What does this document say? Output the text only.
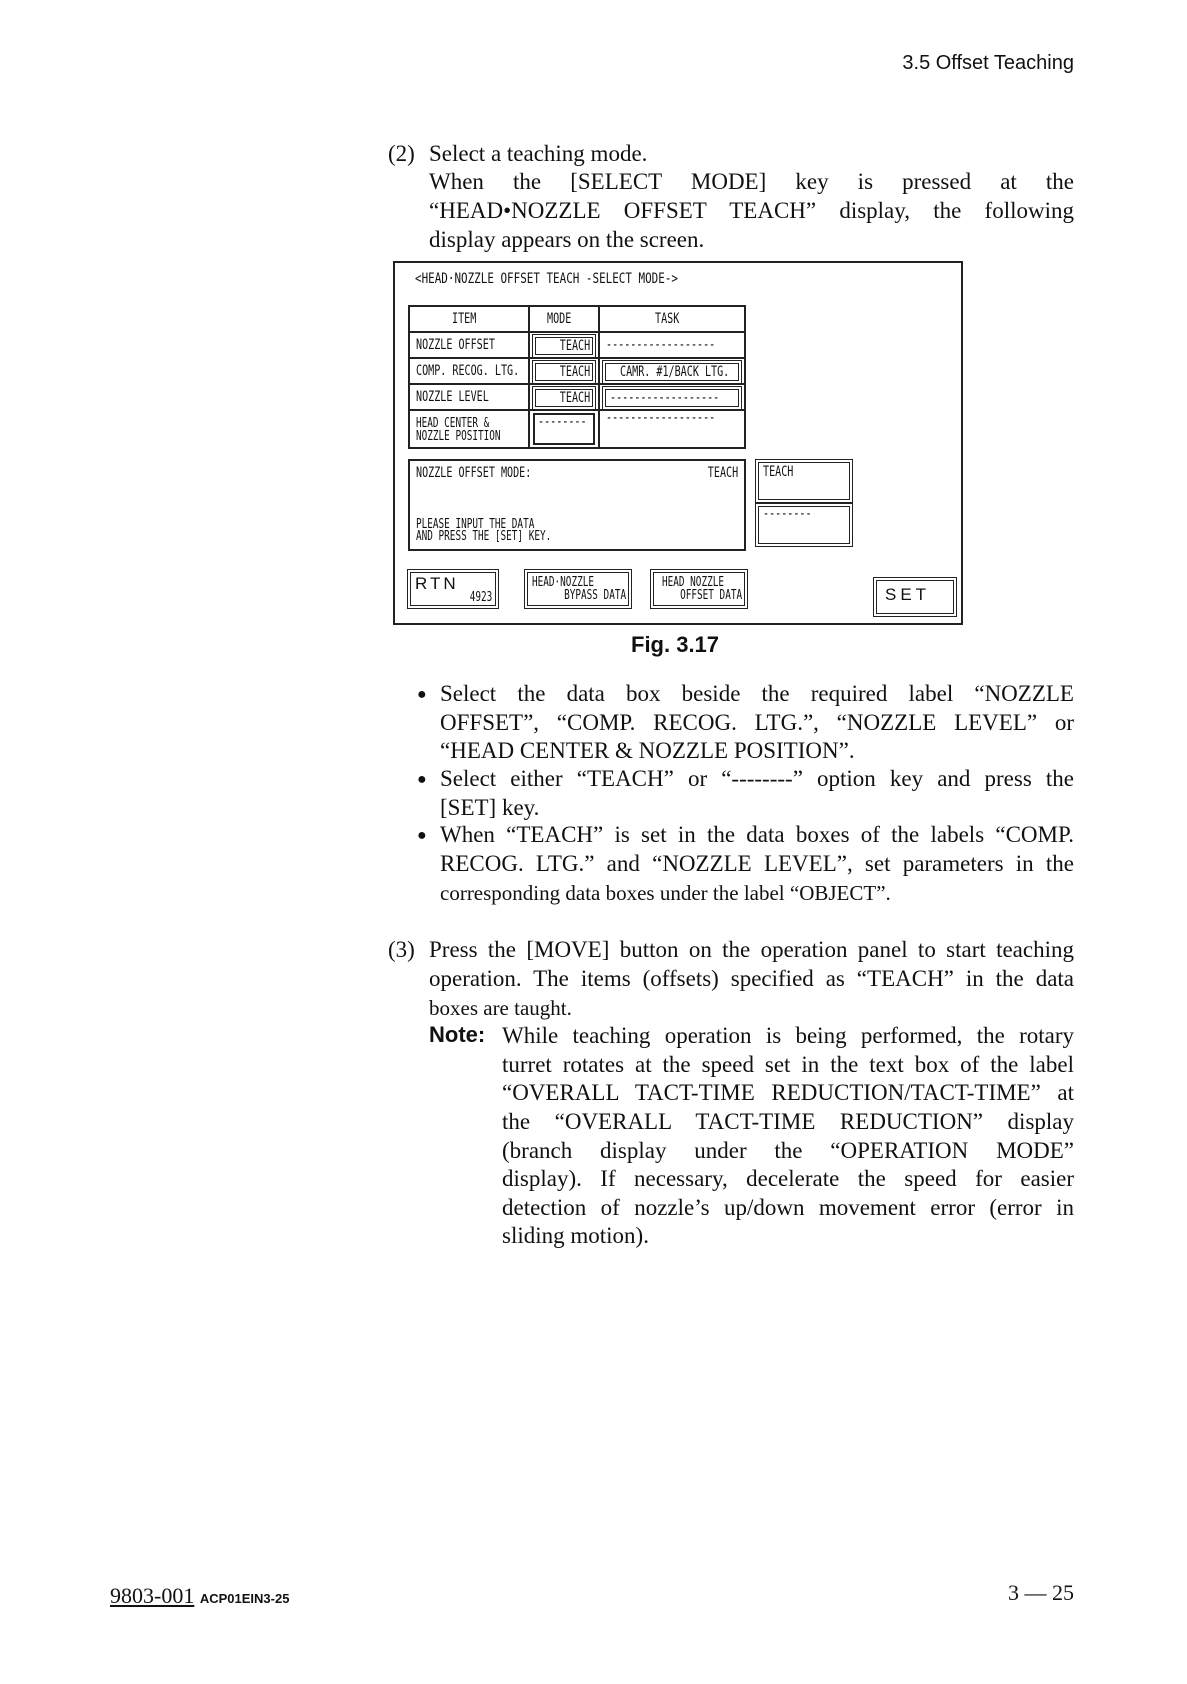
3.5 Offset Teaching
(2) Select a teaching mode.
When the [SELECT MODE] key is pressed at the
“HEAD•NOZZLE OFFSET TEACH” display, the following
display appears on the screen.
<HEAD·NOZZLE OFFSET TEACH -SELECT MODE->
ITEM	MODE	TASK
NOZZLE OFFSET	TEACH	------------------
COMP. RECOG. LTG.	TEACH	CAMR. #1/BACK LTG.
NOZZLE LEVEL	TEACH	------------------
HEAD CENTER &
NOZZLE POSITION
--------	------------------
NOZZLE OFFSET MODE:	TEACH
PLEASE INPUT THE DATA
AND PRESS THE [SET] KEY.
TEACH
--------
RTN
4923
HEAD·NOZZLE
BYPASS DATA
HEAD NOZZLE
OFFSET DATA	SET
Fig. 3.17
● Select the data box beside the required label “NOZZLE
OFFSET”, “COMP. RECOG. LTG.”, “NOZZLE LEVEL” or
“HEAD CENTER & NOZZLE POSITION”.
● Select either “TEACH” or “--------” option key and press the
[SET] key.
● When “TEACH” is set in the data boxes of the labels “COMP.
RECOG. LTG.” and “NOZZLE LEVEL”, set parameters in the
corresponding data boxes under the label “OBJECT”.
(3) Press the [MOVE] button on the operation panel to start teaching
operation. The items (offsets) specified as “TEACH” in the data
boxes are taught.
Note: While teaching operation is being performed, the rotary
turret rotates at the speed set in the text box of the label
“OVERALL TACT-TIME REDUCTION/TACT-TIME” at
the “OVERALL TACT-TIME REDUCTION” display
(branch display under the “OPERATION MODE”
display). If necessary, decelerate the speed for easier
detection of nozzle’s up/down movement error (error in
sliding motion).
9803-001 ACP01EIN3-25	3 — 25
